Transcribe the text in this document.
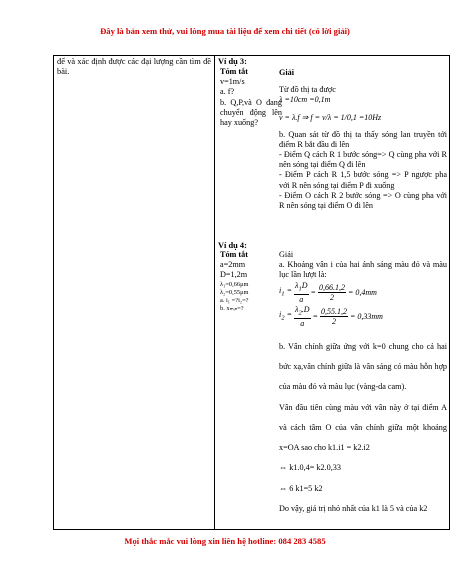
Đây là bản xem thử, vui lòng mua tài liệu để xem chi tiết (có lời giải)
để và xác định được các đại lượng cần tìm đề bài.
Ví dụ 3:
Tóm tắt
v=1m/s
a. f?
b. Q,P,và O đang chuyển động lên hay xuống?
Giải
Từ đồ thị ta được
λ =10cm =0,1m
v = λ.f ⇒ f = v/λ = 1/0,1 =10Hz
b. Quan sát từ đồ thị ta thấy sóng lan truyền tới điểm R bắt đầu đi lên
- Điểm Q cách R 1 bước sóng=> Q cùng pha với R nên sóng tại điểm Q đi lên
- Điểm P cách R 1,5 bước sóng => P ngược pha với R nên sóng tại điểm P đi xuống
- Điểm O cách R 2 bước sóng => O cùng pha với R nên sóng tại điểm O đi lên
Ví dụ 4:
Tóm tắt
a=2mm
D=1,2m
λ₁=0,66μm
λ₂=0,55μm
a. i₁ =?i₂=?
b. xₘᵢₙ=?
Giải
a. Khoảng vân i của hai ánh sáng màu đỏ và màu lục lần lượt là:
$i_1 = \frac{\lambda_1D}{a} = \frac{0,66.1,2}{2} = 0,4mm$
$i_2 = \frac{\lambda_2.D}{a} = \frac{0,55.1,2}{2} = 0,33mm$
b. Vân chính giữa ứng với k=0 chung cho cả hai bức xạ,vân chính giữa là vân sáng có màu hỗn hợp của màu đỏ và màu lục (vàng-da cam).
Vân đầu tiên cùng màu với vân này ở tại điểm A và cách tâm O của vân chính giữa một khoảng x=OA sao cho k1.i1 = k2.i2
⇔ k1.0,4= k2.0,33
⇔ 6 k1=5 k2
Do vậy, giá trị nhỏ nhất của k1 là 5 và của k2
Mọi thắc mắc vui lòng xin liên hệ hotline: 084 283 4585
